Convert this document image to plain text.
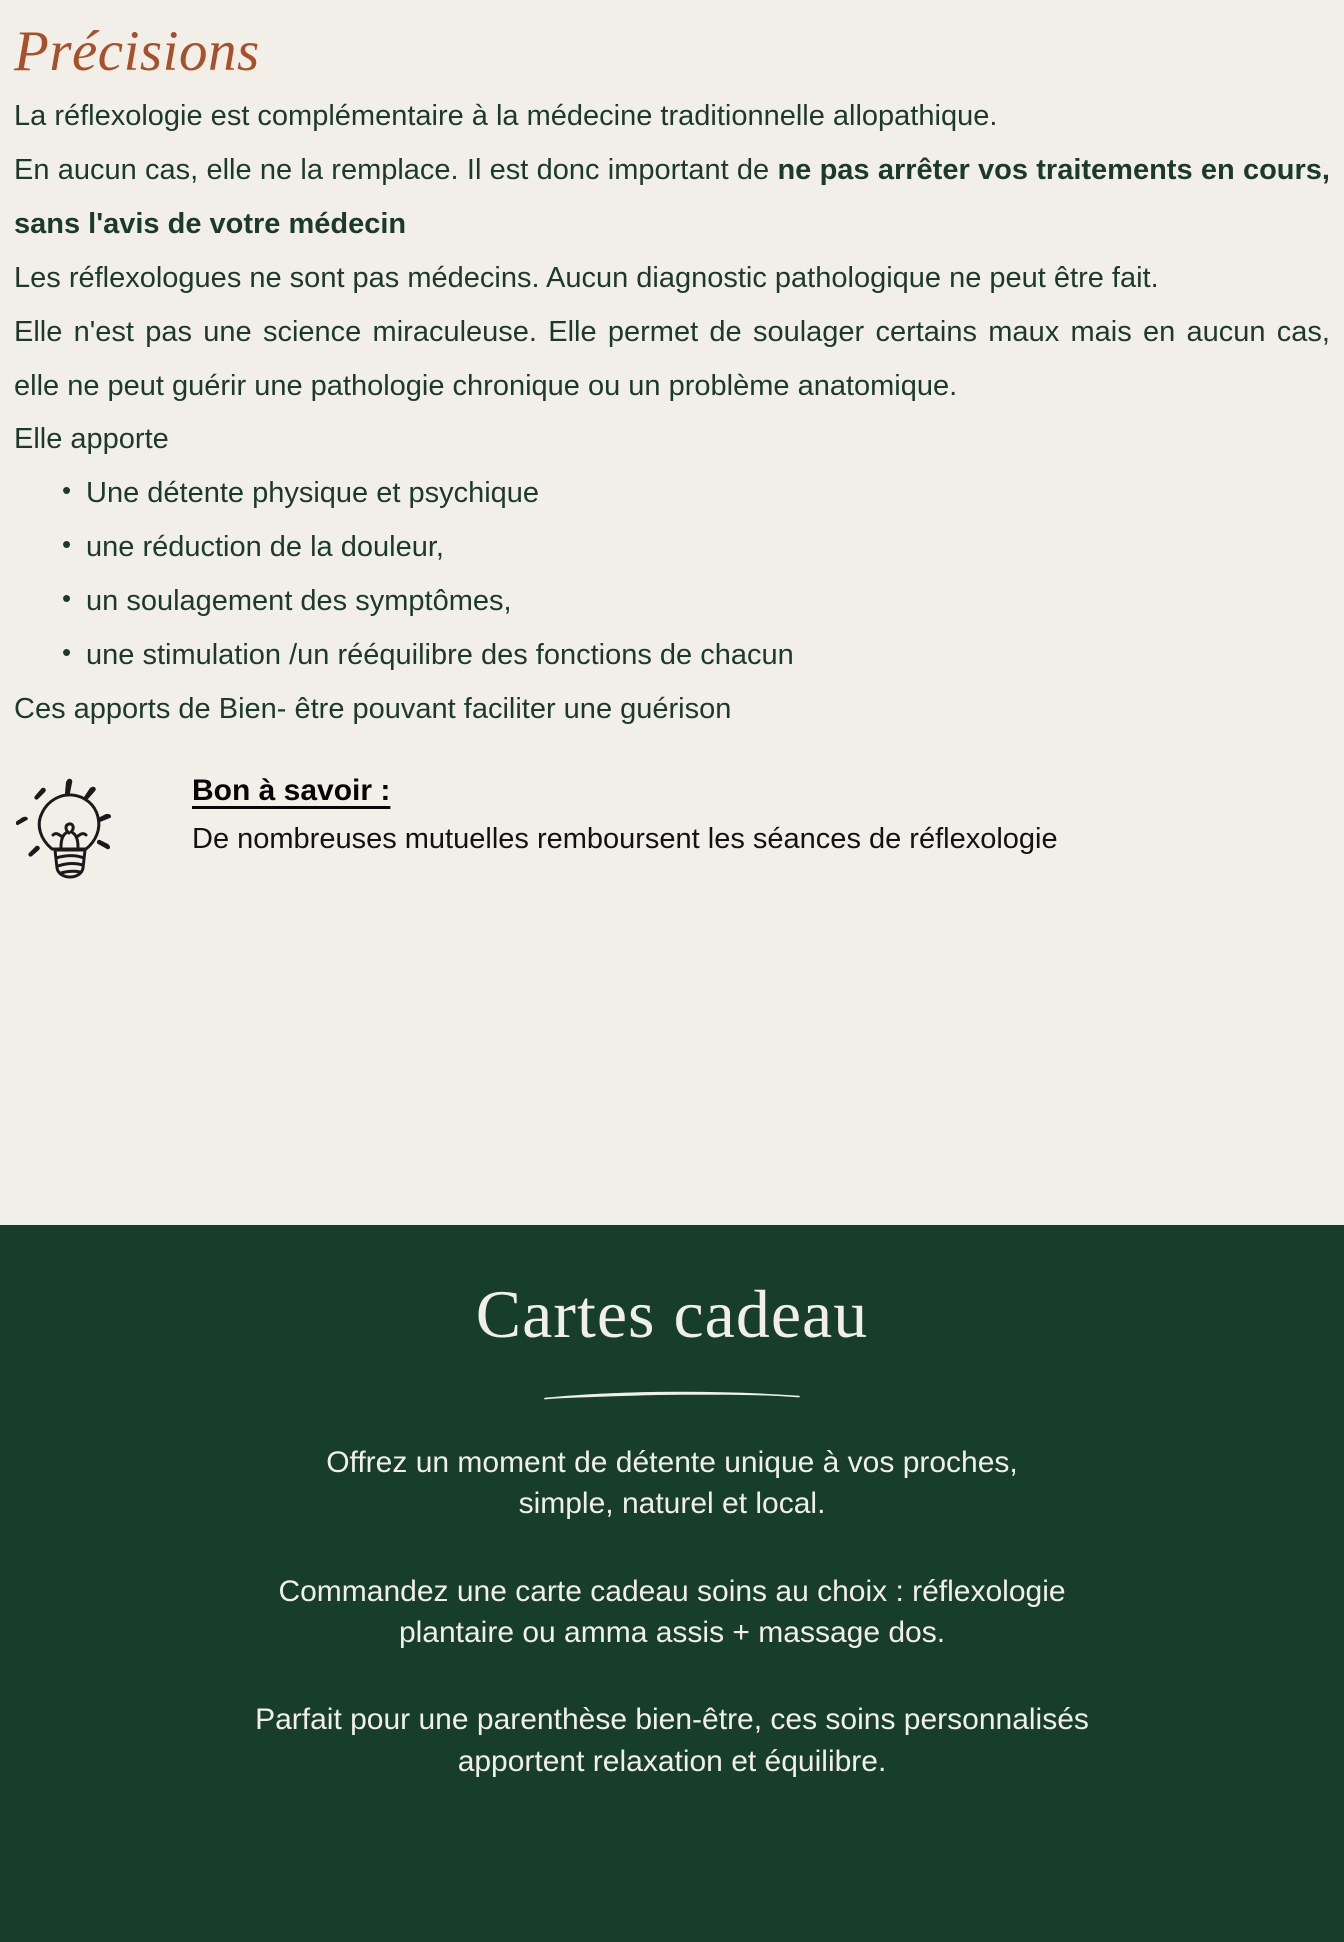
Précisions

La réflexologie est complémentaire à la médecine traditionnelle allopathique.

En aucun cas, elle ne la remplace. Il est donc important de ne pas arrêter vos traitements en cours, sans l'avis de votre médecin

Les réflexologues ne sont pas médecins. Aucun diagnostic pathologique ne peut être fait.

Elle n'est pas une science miraculeuse. Elle permet de soulager certains maux mais en aucun cas, elle ne peut guérir une pathologie chronique ou un problème anatomique.

Elle apporte

• Une détente physique et psychique
• une réduction de la douleur,
• un soulagement des symptômes,
• une stimulation /un rééquilibre des fonctions de chacun

Ces apports de Bien- être pouvant faciliter une guérison

Bon à savoir :
De nombreuses mutuelles remboursent les séances de réflexologie
Cartes cadeau

Offrez un moment de détente unique à vos proches,
simple, naturel et local.

Commandez une carte cadeau soins au choix : réflexologie
plantaire ou amma assis + massage dos.

Parfait pour une parenthèse bien-être, ces soins personnalisés
apportent relaxation et équilibre.
